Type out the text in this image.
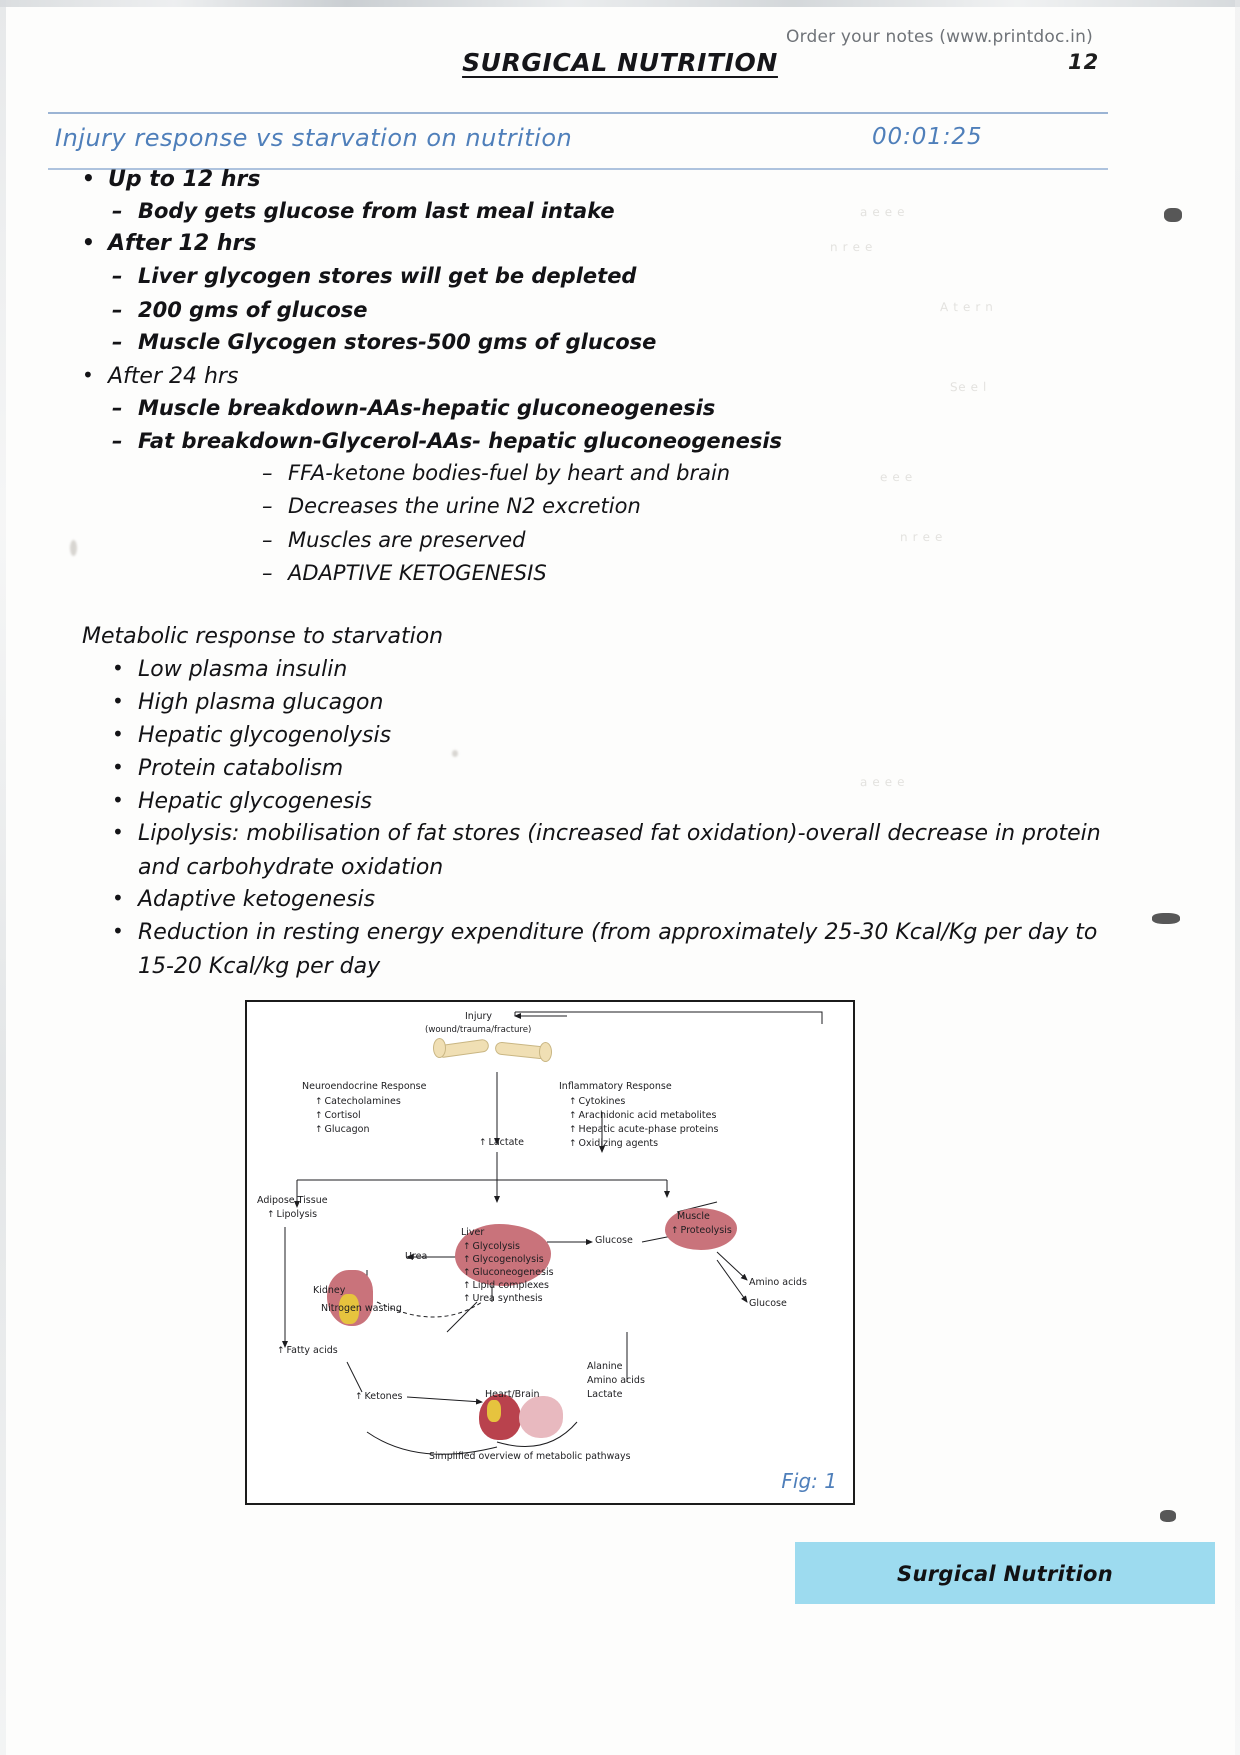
a e e e
n r e e
A t e r n
Se e l
e e e
n r e e
a e e e
Order your notes (www.printdoc.in)
SURGICAL NUTRITION	12
Injury response vs starvation on nutrition	00:01:25
• Up to 12 hrs
– Body gets glucose from last meal intake
• After 12 hrs
– Liver glycogen stores will get be depleted
– 200 gms of glucose
– Muscle Glycogen stores-500 gms of glucose
• After 24 hrs
– Muscle breakdown-AAs-hepatic gluconeogenesis
– Fat breakdown-Glycerol-AAs- hepatic gluconeogenesis
– FFA-ketone bodies-fuel by heart and brain
– Decreases the urine N2 excretion
– Muscles are preserved
– ADAPTIVE KETOGENESIS
Metabolic response to starvation
• Low plasma insulin
• High plasma glucagon
• Hepatic glycogenolysis
• Protein catabolism
• Hepatic glycogenesis
• Lipolysis: mobilisation of fat stores (increased fat oxidation)-overall decrease in protein
and carbohydrate oxidation
• Adaptive ketogenesis
• Reduction in resting energy expenditure (from approximately 25-30 Kcal/Kg per day to
15-20 Kcal/kg per day
Injury
(wound/trauma/fracture)
Neuroendocrine Response
↑ Catecholamines
↑ Cortisol
↑ Glucagon
Inflammatory Response
↑ Cytokines
↑ Arachidonic acid metabolites
↑ Hepatic acute-phase proteins
↑ Oxidizing agents
↑ Lactate
Adipose Tissue
↑ Lipolysis
Liver
↑ Glycolysis
↑ Glycogenolysis
↑ Gluconeogenesis
↑ Lipid complexes
↑ Urea synthesis
Muscle
↑ Proteolysis
Kidney
Nitrogen wasting
Urea
Glucose
Amino acids
Glucose
↑ Fatty acids
↑ Ketones	Heart/Brain
Alanine
Amino acids
Lactate
Simplified overview of metabolic pathways
Fig: 1
Surgical Nutrition
